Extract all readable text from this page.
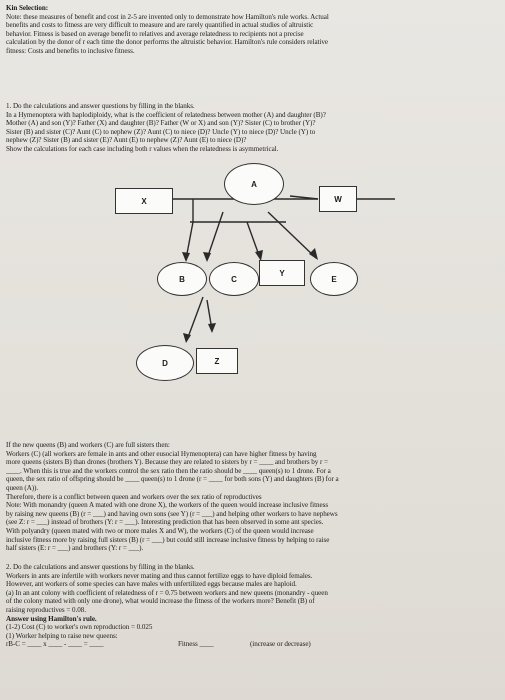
Kin Selection:
Note: these measures of benefit and cost in 2-5 are invented only to demonstrate how Hamilton's rule works. Actual
benefits and costs to fitness are very difficult to measure and are rarely quantified in actual studies of altruistic
behavior. Fitness is based on average benefit to relatives and average relatedness to recipients not a precise
calculation by the donor of r each time the donor performs the altruistic behavior. Hamilton's rule considers relative
fitness: Costs and benefits to inclusive fitness.
1. Do the calculations and answer questions by filling in the blanks.
In a Hymenoptera with haplodiploidy, what is the coefficient of relatedness between mother (A) and daughter (B)?
Mother (A) and son (Y)? Father (X) and daughter (B)? Father (W or X) and son (Y)? Sister (C) to brother (Y)?
Sister (B) and sister (C)? Aunt (C) to nephew (Z)? Aunt (C) to niece (D)? Uncle (Y) to niece (D)? Uncle (Y) to
nephew (Z)? Sister (B) and sister (E)? Aunt (E) to nephew (Z)? Aunt (E) to niece (D)?
Show the calculations for each case including both r values when the relatedness is asymmetrical.
X
A
W
B	C
Y
E
D	Z
If the new queens (B) and workers (C) are full sisters then:
Workers (C) (all workers are female in ants and other eusocial Hymenoptera) can have higher fitness by having
more queens (sisters B) than drones (brothers Y). Because they are related to sisters by r = ____ and brothers by r =
____. When this is true and the workers control the sex ratio then the ratio should be ____ queen(s) to 1 drone. For a
queen, the sex ratio of offspring should be ____ queen(s) to 1 drone (r = ____ for both sons (Y) and daughters (B) for a
queen (A)).
Therefore, there is a conflict between queen and workers over the sex ratio of reproductives
Note: With monandry (queen A mated with one drone X), the workers of the queen would increase inclusive fitness
by raising new queens (B) (r = ___) and having own sons (see Y) (r = ___) and helping other workers to have nephews
(see Z: r = ___) instead of brothers (Y: r = ___). Interesting prediction that has been observed in some ant species.
With polyandry (queen mated with two or more males X and W), the workers (C) of the queen would increase
inclusive fitness more by raising full sisters (B) (r = ___) but could still increase inclusive fitness by helping to raise
half sisters (E: r = ___) and brothers (Y: r = ___).
2. Do the calculations and answer questions by filling in the blanks.
Workers in ants are infertile with workers never mating and thus cannot fertilize eggs to have diploid females.
However, ant workers of some species can have males with unfertilized eggs because males are haploid.
(a) In an ant colony with coefficient of relatedness of r = 0.75 between workers and new queens (monandry - queen
of the colony mated with only one drone), what would increase the fitness of the workers more? Benefit (B) of
raising reproductives = 0.08.
Answer using Hamilton's rule.
(1-2) Cost (C) to worker's own reproduction = 0.025
(1) Worker helping to raise new queens:
rB-C = ____ x ____ - ____ = ____	Fitness ____	(increase or decrease)
